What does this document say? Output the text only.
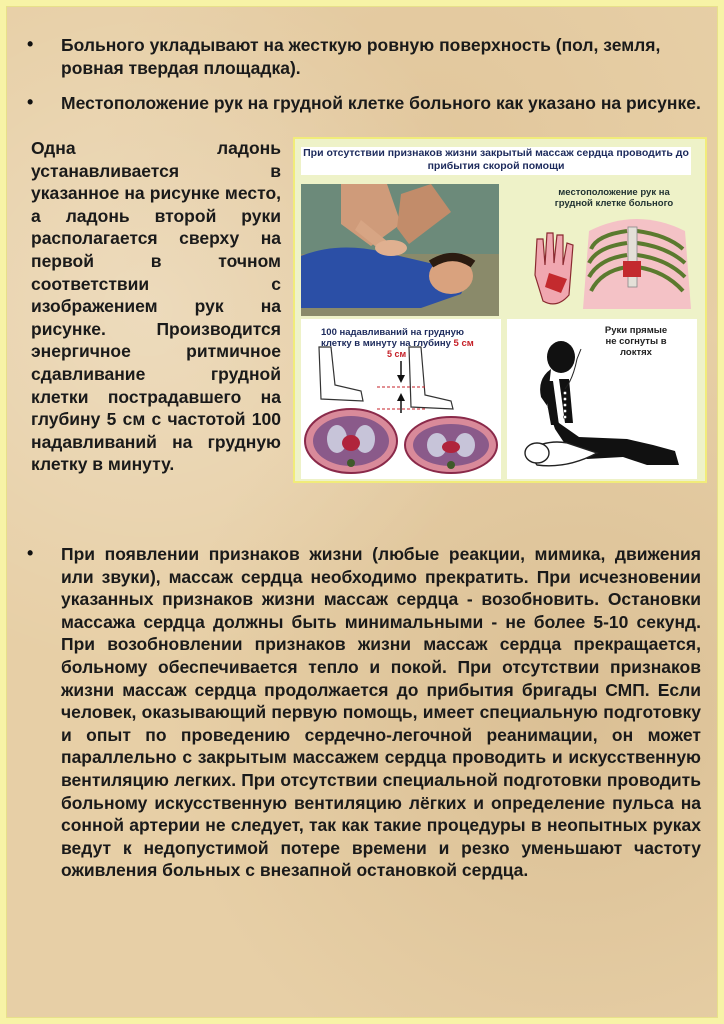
• Больного укладывают на жесткую ровную поверхность (пол, земля, ровная твердая площадка).
• Местоположение рук на грудной клетке больного как указано на рисунке.
Одна ладонь устанавливается в указанное на рисунке место, а ладонь второй руки располагается сверху на первой в точном соответствии с изображением рук на рисунке. Производится энергичное ритмичное сдавливание грудной клетки пострадавшего на глубину 5 см с частотой 100 надавливаний на грудную клетку в минуту.
При отсутствии признаков жизни закрытый массаж сердца проводить до прибытия скорой помощи
местоположение рук на грудной клетке больного
100 надавливаний на грудную клетку в минуту на глубину 5 см
5 см
Руки прямые не согнуты в локтях
• При появлении признаков жизни (любые реакции, мимика, движения или звуки), массаж сердца необходимо прекратить. При исчезновении указанных признаков жизни массаж сердца - возобновить. Остановки массажа сердца должны быть минимальными - не более 5-10 секунд. При возобновлении признаков жизни массаж сердца прекращается, больному обеспечивается тепло и покой. При отсутствии признаков жизни массаж сердца продолжается до прибытия бригады СМП. Если человек, оказывающий первую помощь, имеет специальную подготовку и опыт по проведению сердечно-легочной реанимации, он может параллельно с закрытым массажем сердца проводить и искусственную вентиляцию легких. При отсутствии специальной подготовки проводить больному искусственную вентиляцию лёгких и определение пульса на сонной артерии не следует, так как такие процедуры в неопытных руках ведут к недопустимой потере времени и резко уменьшают частоту оживления больных с внезапной остановкой сердца.
